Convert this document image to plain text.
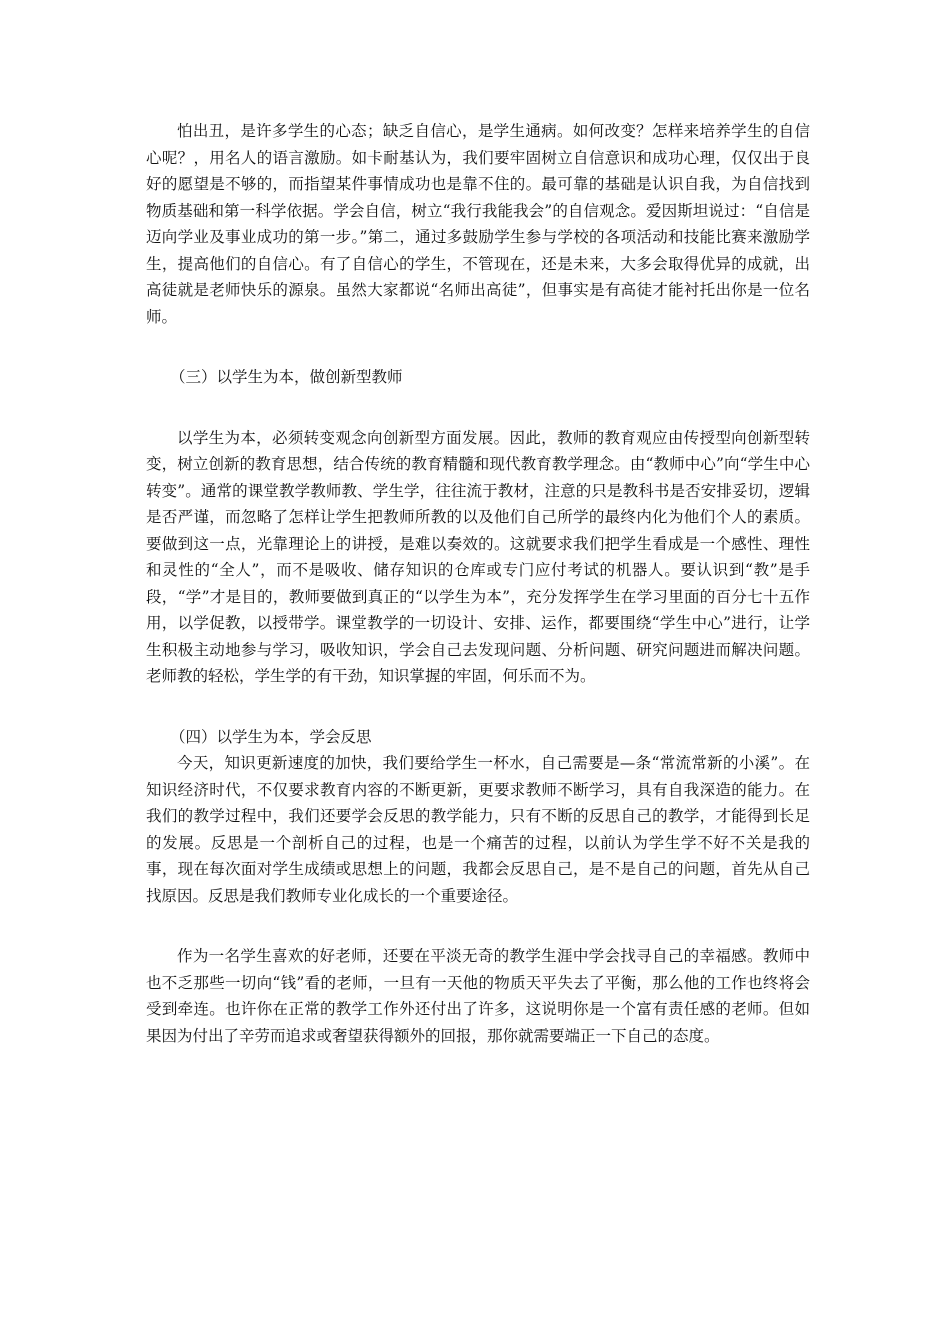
怕出丑，是许多学生的心态；缺乏自信心，是学生通病。如何改变？怎样来培养学生的自信心呢？，用名人的语言激励。如卡耐基认为，我们要牢固树立自信意识和成功心理，仅仅出于良好的愿望是不够的，而指望某件事情成功也是靠不住的。最可靠的基础是认识自我，为自信找到物质基础和第一科学依据。学会自信，树立“我行我能我会”的自信观念。爱因斯坦说过：“自信是迈向学业及事业成功的第一步。”第二，通过多鼓励学生参与学校的各项活动和技能比赛来激励学生，提高他们的自信心。有了自信心的学生，不管现在，还是未来，大多会取得优异的成就，出高徒就是老师快乐的源泉。虽然大家都说“名师出高徒”，但事实是有高徒才能衬托出你是一位名师。

（三）以学生为本，做创新型教师

以学生为本，必须转变观念向创新型方面发展。因此，教师的教育观应由传授型向创新型转变，树立创新的教育思想，结合传统的教育精髓和现代教育教学理念。由“教师中心”向“学生中心转变”。通常的课堂教学教师教、学生学，往往流于教材，注意的只是教科书是否安排妥切，逻辑是否严谨，而忽略了怎样让学生把教师所教的以及他们自己所学的最终内化为他们个人的素质。要做到这一点，光靠理论上的讲授，是难以奏效的。这就要求我们把学生看成是一个感性、理性和灵性的“全人”，而不是吸收、储存知识的仓库或专门应付考试的机器人。要认识到“教”是手段，“学”才是目的，教师要做到真正的“以学生为本”，充分发挥学生在学习里面的百分七十五作用，以学促教，以授带学。课堂教学的一切设计、安排、运作，都要围绕“学生中心”进行，让学生积极主动地参与学习，吸收知识，学会自己去发现问题、分析问题、研究问题进而解决问题。老师教的轻松，学生学的有干劲，知识掌握的牢固，何乐而不为。

（四）以学生为本，学会反思

今天，知识更新速度的加快，我们要给学生一杯水，自己需要是—条“常流常新的小溪”。在知识经济时代，不仅要求教育内容的不断更新，更要求教师不断学习，具有自我深造的能力。在我们的教学过程中，我们还要学会反思的教学能力，只有不断的反思自己的教学，才能得到长足的发展。反思是一个剖析自己的过程，也是一个痛苦的过程，以前认为学生学不好不关是我的事，现在每次面对学生成绩或思想上的问题，我都会反思自己，是不是自己的问题，首先从自己找原因。反思是我们教师专业化成长的一个重要途径。

作为一名学生喜欢的好老师，还要在平淡无奇的教学生涯中学会找寻自己的幸福感。教师中也不乏那些一切向“钱”看的老师，一旦有一天他的物质天平失去了平衡，那么他的工作也终将会受到牵连。也许你在正常的教学工作外还付出了许多，这说明你是一个富有责任感的老师。但如果因为付出了辛劳而追求或奢望获得额外的回报，那你就需要端正一下自己的态度。
